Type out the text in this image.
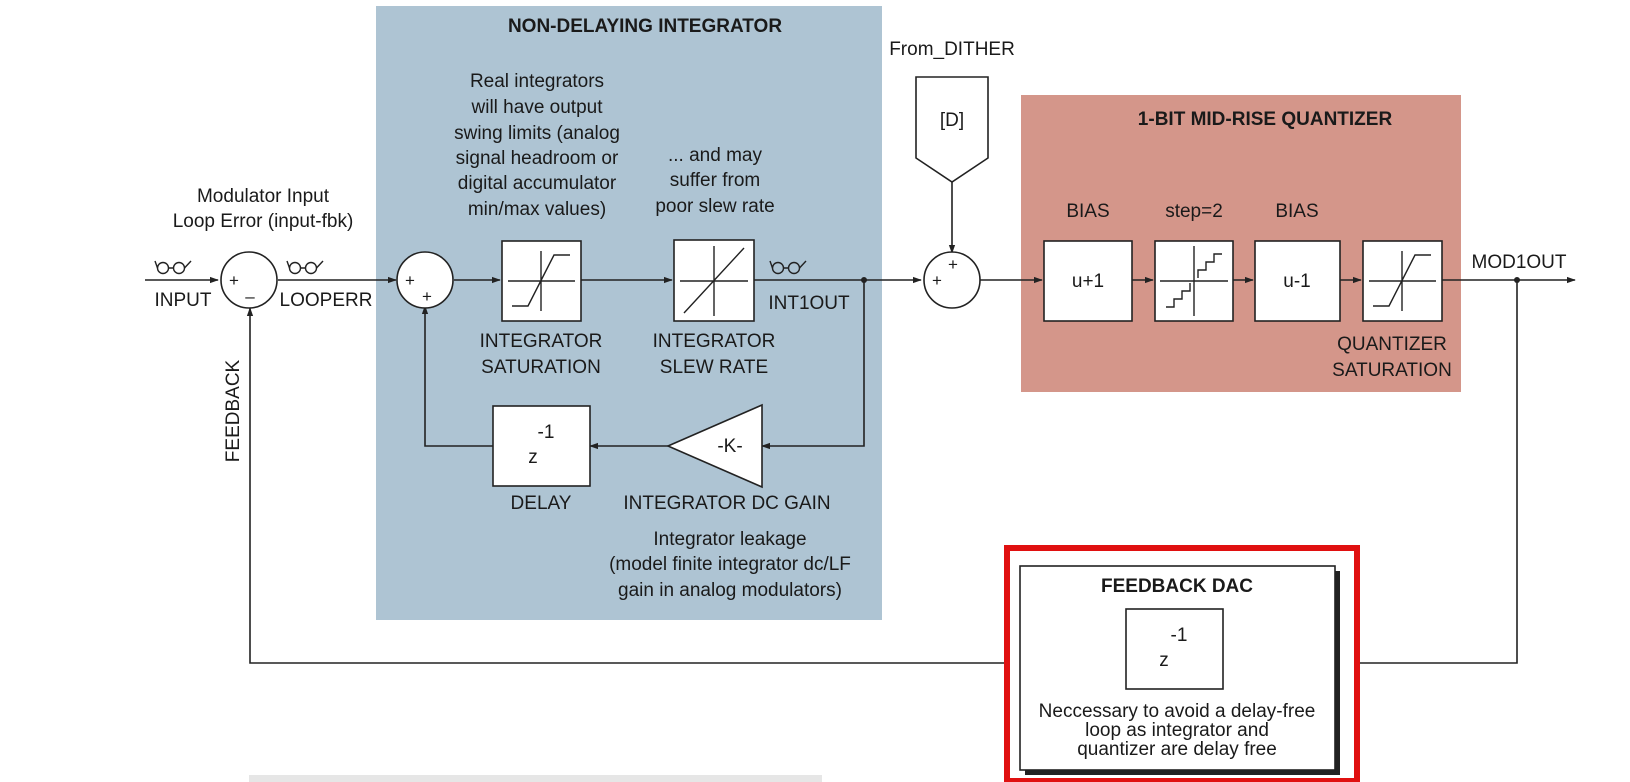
NON-DELAYING INTEGRATOR
1-BIT MID-RISE QUANTIZER
+
–
+
+
+
+
z
-1
-K-
[D]
u+1	u-1
INPUT	LOOPERR	INT1OUT
MOD1OUT
From_DITHER
FEEDBACK
Modulator Input
Loop Error (input-fbk)
Real integrators
will have output
swing limits (analog
signal headroom or
digital accumulator
min/max values)
... and may
suffer from
poor slew rate
INTEGRATOR
SATURATION
INTEGRATOR
SLEW RATE
DELAY	INTEGRATOR DC GAIN
Integrator leakage
(model finite integrator dc/LF
gain in analog modulators)
BIAS	step=2	BIAS
QUANTIZER
SATURATION
FEEDBACK DAC
z
-1
Neccessary to avoid a delay-free
loop as integrator and
quantizer are delay free
